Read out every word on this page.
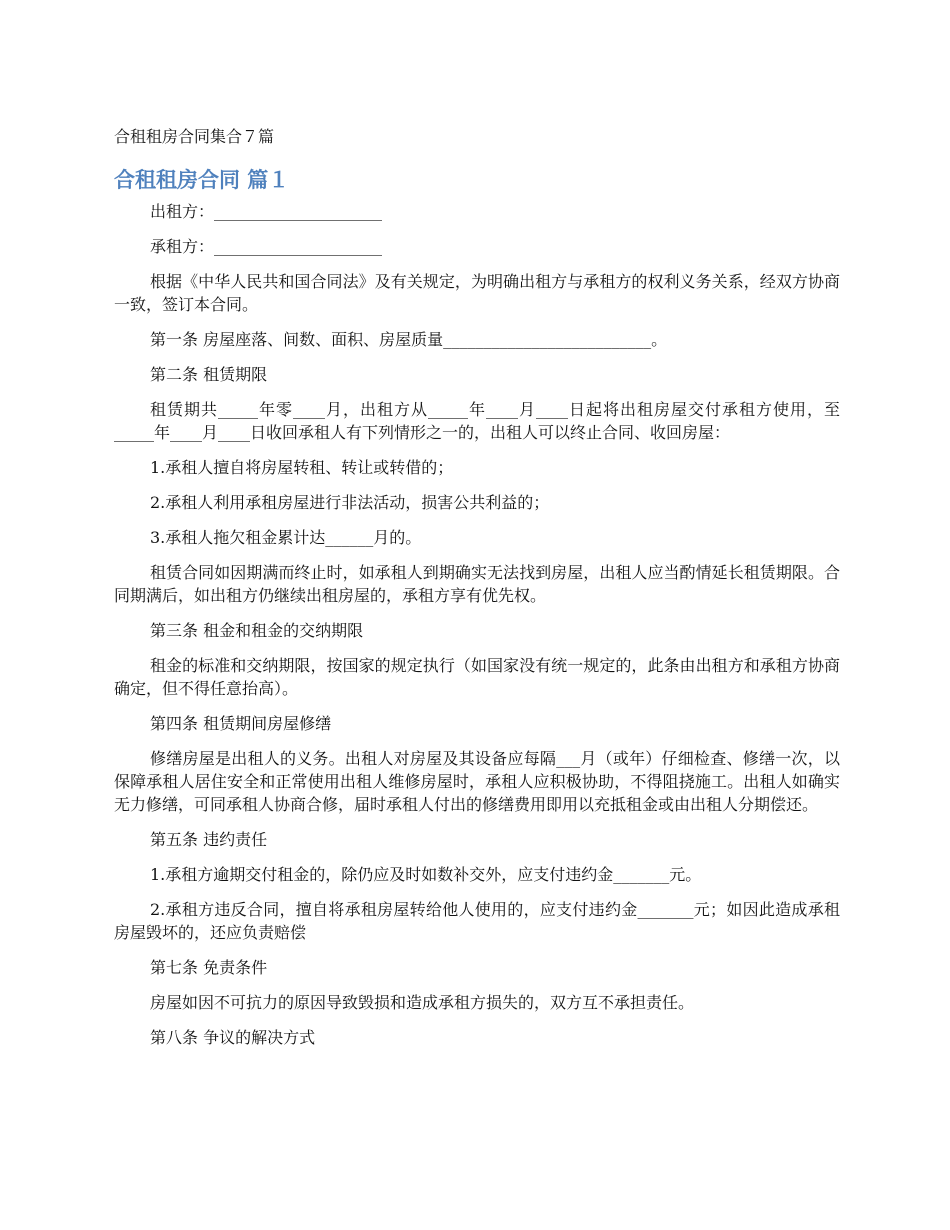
合租租房合同集合７篇
合租租房合同 篇１

出租方：_____________________

承租方：_____________________

根据《中华人民共和国合同法》及有关规定，为明确出租方与承租方的权利义务关系，经双方协商一致，签订本合同。

第一条 房屋座落、间数、面积、房屋质量__________________________。

第二条 租赁期限

租赁期共_____年零____月，出租方从_____年____月____日起将出租房屋交付承租方使用，至_____年____月____日收回承租人有下列情形之一的，出租人可以终止合同、收回房屋：

1.承租人擅自将房屋转租、转让或转借的；

2.承租人利用承租房屋进行非法活动，损害公共利益的；

3.承租人拖欠租金累计达______月的。

租赁合同如因期满而终止时，如承租人到期确实无法找到房屋，出租人应当酌情延长租赁期限。合同期满后，如出租方仍继续出租房屋的，承租方享有优先权。

第三条 租金和租金的交纳期限

租金的标准和交纳期限，按国家的规定执行（如国家没有统一规定的，此条由出租方和承租方协商确定，但不得任意抬高）。

第四条 租赁期间房屋修缮

修缮房屋是出租人的义务。出租人对房屋及其设备应每隔___月（或年）仔细检查、修缮一次，以保障承租人居住安全和正常使用出租人维修房屋时，承租人应积极协助，不得阻挠施工。出租人如确实无力修缮，可同承租人协商合修，届时承租人付出的修缮费用即用以充抵租金或由出租人分期偿还。

第五条 违约责任

1.承租方逾期交付租金的，除仍应及时如数补交外，应支付违约金_______元。

2.承租方违反合同，擅自将承租房屋转给他人使用的，应支付违约金_______元；如因此造成承租房屋毁坏的，还应负责赔偿

第七条 免责条件

房屋如因不可抗力的原因导致毁损和造成承租方损失的，双方互不承担责任。

第八条 争议的解决方式
